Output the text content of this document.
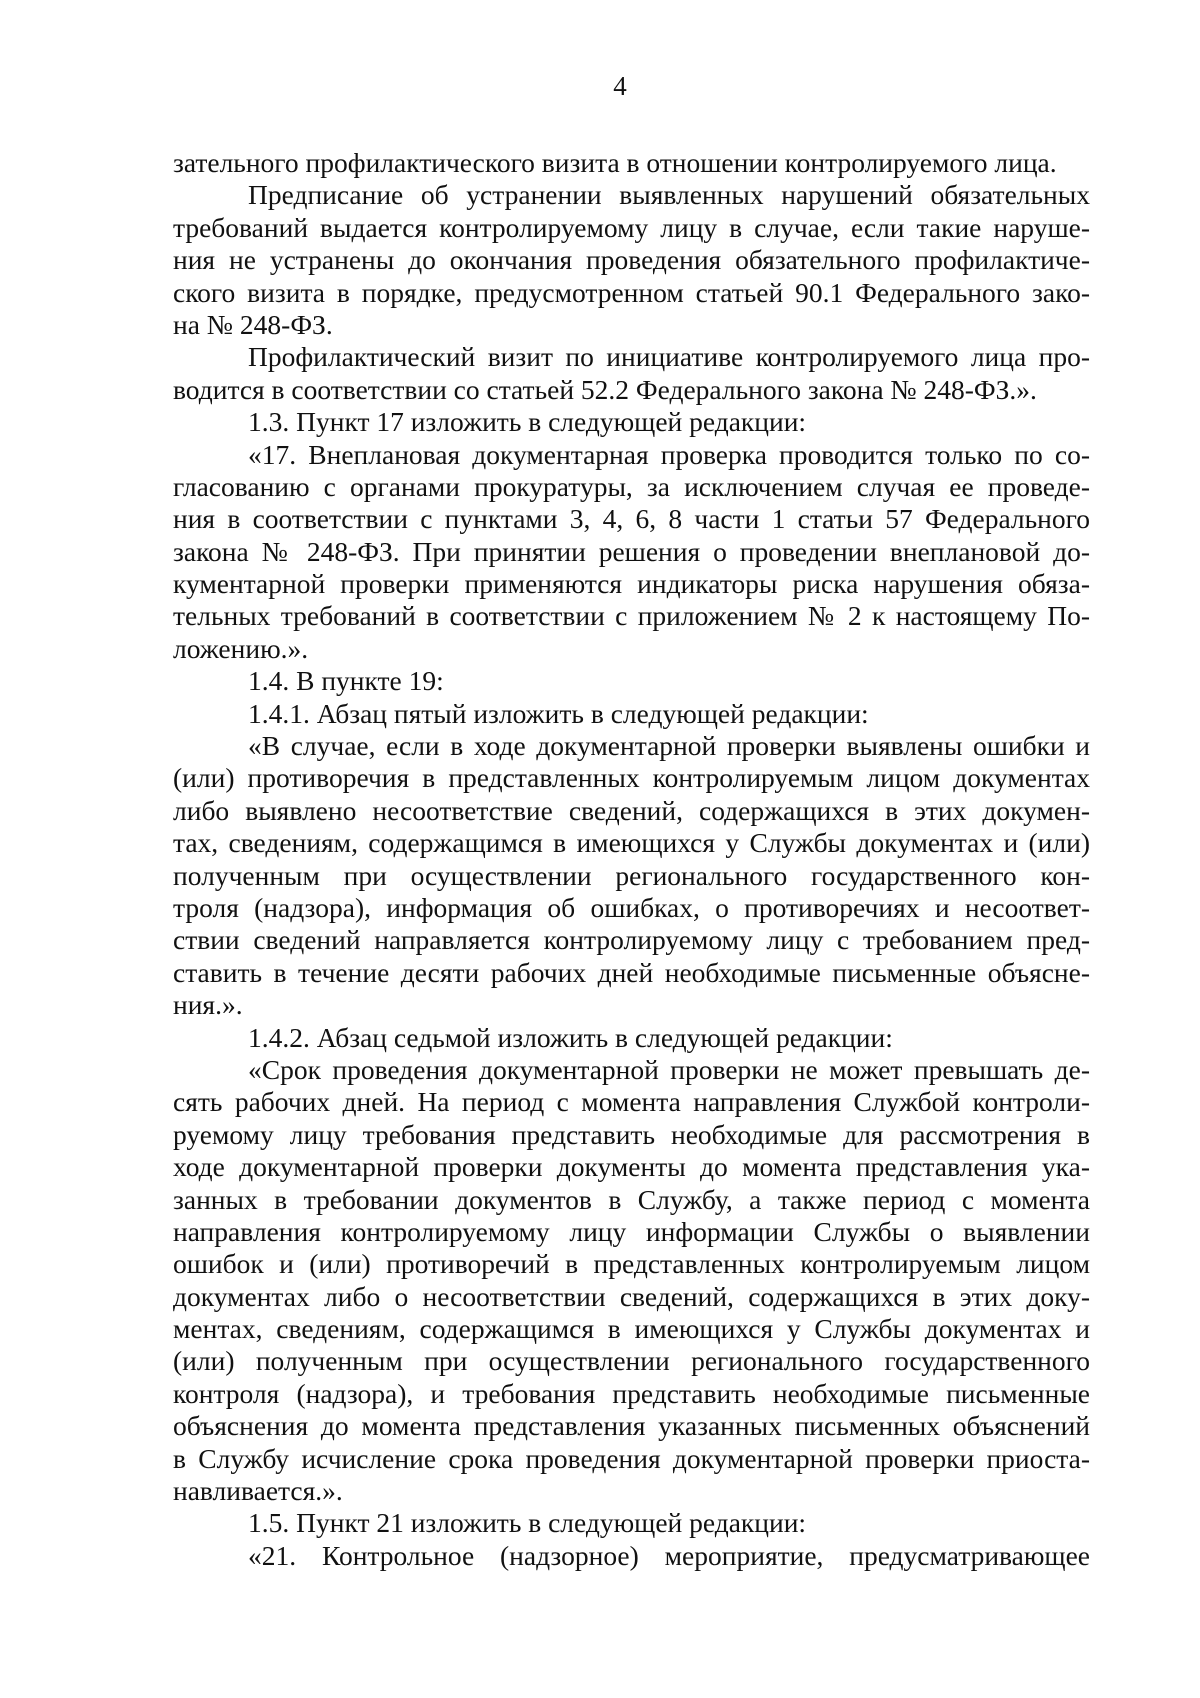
4
зательного профилактического визита в отношении контролируемого лица.
Предписание об устранении выявленных нарушений обязательных
требований выдается контролируемому лицу в случае, если такие наруше-
ния не устранены до окончания проведения обязательного профилактиче-
ского визита в порядке, предусмотренном статьей 90.1 Федерального зако-
на № 248-ФЗ.
Профилактический визит по инициативе контролируемого лица про-
водится в соответствии со статьей 52.2 Федерального закона № 248-ФЗ.».
1.3. Пункт 17 изложить в следующей редакции:
«17. Внеплановая документарная проверка проводится только по со-
гласованию с органами прокуратуры, за исключением случая ее проведе-
ния в соответствии с пунктами 3, 4, 6, 8 части 1 статьи 57 Федерального
закона № 248-ФЗ. При принятии решения о проведении внеплановой до-
кументарной проверки применяются индикаторы риска нарушения обяза-
тельных требований в соответствии с приложением № 2 к настоящему По-
ложению.».
1.4. В пункте 19:
1.4.1. Абзац пятый изложить в следующей редакции:
«В случае, если в ходе документарной проверки выявлены ошибки и
(или) противоречия в представленных контролируемым лицом документах
либо выявлено несоответствие сведений, содержащихся в этих докумен-
тах, сведениям, содержащимся в имеющихся у Службы документах и (или)
полученным при осуществлении регионального государственного кон-
троля (надзора), информация об ошибках, о противоречиях и несоответ-
ствии сведений направляется контролируемому лицу с требованием пред-
ставить в течение десяти рабочих дней необходимые письменные объясне-
ния.».
1.4.2. Абзац седьмой изложить в следующей редакции:
«Срок проведения документарной проверки не может превышать де-
сять рабочих дней. На период с момента направления Службой контроли-
руемому лицу требования представить необходимые для рассмотрения в
ходе документарной проверки документы до момента представления ука-
занных в требовании документов в Службу, а также период с момента
направления контролируемому лицу информации Службы о выявлении
ошибок и (или) противоречий в представленных контролируемым лицом
документах либо о несоответствии сведений, содержащихся в этих доку-
ментах, сведениям, содержащимся в имеющихся у Службы документах и
(или) полученным при осуществлении регионального государственного
контроля (надзора), и требования представить необходимые письменные
объяснения до момента представления указанных письменных объяснений
в Службу исчисление срока проведения документарной проверки приоста-
навливается.».
1.5. Пункт 21 изложить в следующей редакции:
«21. Контрольное (надзорное) мероприятие, предусматривающее
